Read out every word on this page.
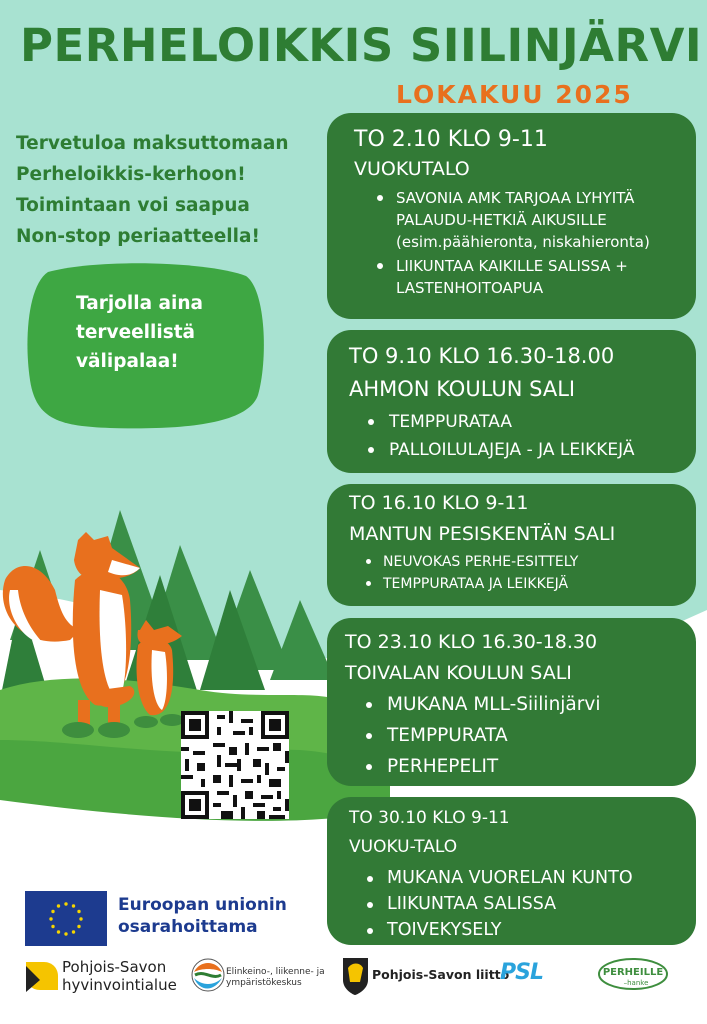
PERHELOIKKIS SIILINJÄRVI
LOKAKUU 2025
Tervetuloa maksuttomaan
Perheloikkis-kerhoon!
Toimintaan voi saapua
Non-stop periaatteella!
Tarjolla aina
terveellistä
välipalaa!
TO 2.10 KLO 9-11
VUOKUTALO
SAVONIA AMK TARJOAA LYHYITÄ
PALAUDU-HETKIÄ AIKUSILLE
(esim.päähieronta, niskahieronta)
LIIKUNTAA KAIKILLE SALISSA +
LASTENHOITOAPUA
TO 9.10 KLO 16.30-18.00
AHMON KOULUN SALI
TEMPPURATAA
PALLOILULAJEJA - JA LEIKKEJÄ
TO 16.10 KLO 9-11
MANTUN PESISKENTÄN SALI
NEUVOKAS PERHE-ESITTELY
TEMPPURATAA JA LEIKKEJÄ
TO 23.10 KLO 16.30-18.30
TOIVALAN KOULUN SALI
MUKANA MLL-Siilinjärvi
TEMPPURATA
PERHEPELIT
TO 30.10 KLO 9-11
VUOKU-TALO
MUKANA VUORELAN KUNTO
LIIKUNTAA SALISSA
TOIVEKYSELY
Euroopan unionin
osarahoittama
Pohjois-Savon
hyvinvointialue
Elinkeino-, liikenne- ja
ympäristökeskus
Pohjois-Savon liitto
PSL	PERHEILLE
–hanke
